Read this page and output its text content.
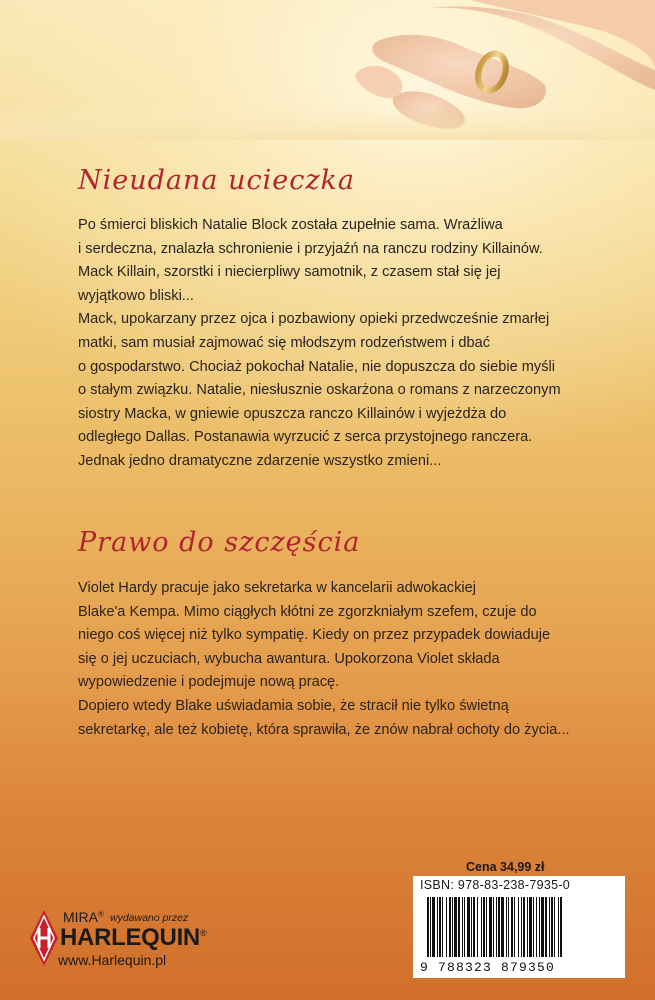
Nieudana ucieczka
Po śmierci bliskich Natalie Block została zupełnie sama. Wrażliwa
i serdeczna, znalazła schronienie i przyjaźń na ranczu rodziny Killainów.
Mack Killain, szorstki i niecierpliwy samotnik, z czasem stał się jej
wyjątkowo bliski...
Mack, upokarzany przez ojca i pozbawiony opieki przedwcześnie zmarłej
matki, sam musiał zajmować się młodszym rodzeństwem i dbać
o gospodarstwo. Chociaż pokochał Natalie, nie dopuszcza do siebie myśli
o stałym związku. Natalie, niesłusznie oskarżona o romans z narzeczonym
siostry Macka, w gniewie opuszcza ranczo Killainów i wyjeżdża do
odległego Dallas. Postanawia wyrzucić z serca przystojnego ranczera.
Jednak jedno dramatyczne zdarzenie wszystko zmieni...
Prawo do szczęścia
Violet Hardy pracuje jako sekretarka w kancelarii adwokackiej
Blake'a Kempa. Mimo ciągłych kłótni ze zgorzkniałym szefem, czuje do
niego coś więcej niż tylko sympatię. Kiedy on przez przypadek dowiaduje
się o jej uczuciach, wybucha awantura. Upokorzona Violet składa
wypowiedzenie i podejmuje nową pracę.
Dopiero wtedy Blake uświadamia sobie, że stracił nie tylko świetną
sekretarkę, ale też kobietę, która sprawiła, że znów nabrał ochoty do życia...
MIRA® wydawano przez
HARLEQUIN®
www.Harlequin.pl
Cena 34,99 zł
ISBN: 978-83-238-7935-0
9 788323 879350
